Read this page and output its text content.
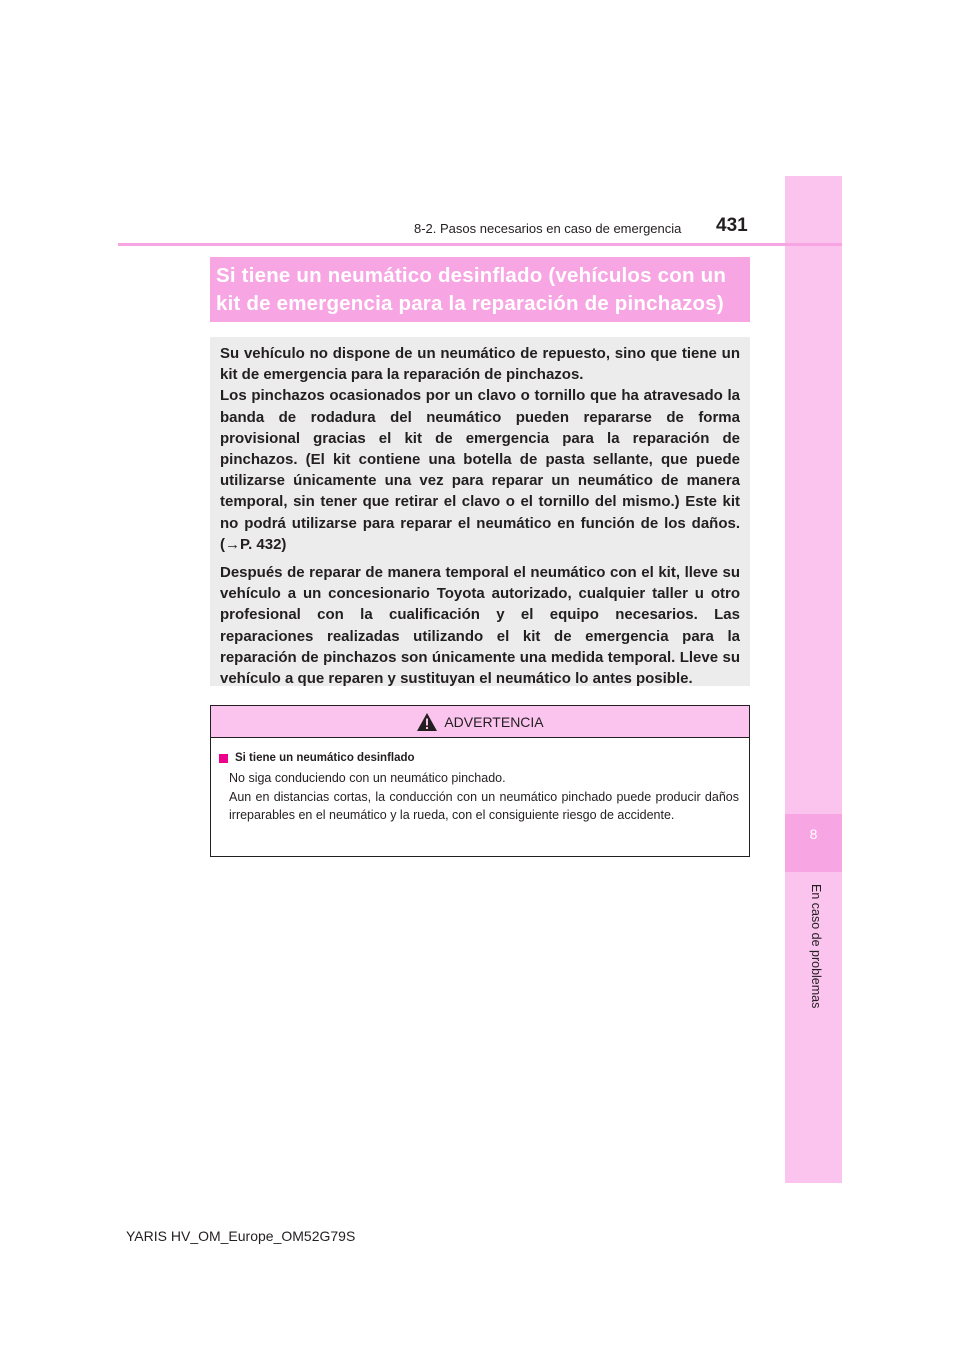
8
En caso de problemas
8-2. Pasos necesarios en caso de emergencia 431

Si tiene un neumático desinflado (vehículos con un

kit de emergencia para la reparación de pinchazos)

Su vehículo no dispone de un neumático de repuesto, sino que tiene un kit de emergencia para la reparación de pinchazos.

Los pinchazos ocasionados por un clavo o tornillo que ha atravesado la banda de rodadura del neumático pueden repararse de forma provisional gracias el kit de emergencia para la reparación de pinchazos. (El kit contiene una botella de pasta sellante, que puede utilizarse únicamente una vez para reparar un neumático de manera temporal, sin tener que retirar el clavo o el tornillo del mismo.) Este kit no podrá utilizarse para reparar el neumático en función de los daños. (→P. 432)

Después de reparar de manera temporal el neumático con el kit, lleve su vehículo a un concesionario Toyota autorizado, cualquier taller u otro profesional con la cualificación y el equipo necesarios. Las reparaciones realizadas utilizando el kit de emergencia para la reparación de pinchazos son únicamente una medida temporal. Lleve su vehículo a que reparen y sustituyan el neumático lo antes posible.

ADVERTENCIA
Si tiene un neumático desinflado
No siga conduciendo con un neumático pinchado.
Aun en distancias cortas, la conducción con un neumático pinchado puede producir daños irreparables en el neumático y la rueda, con el consiguiente riesgo de accidente.
YARIS HV_OM_Europe_OM52G79S
